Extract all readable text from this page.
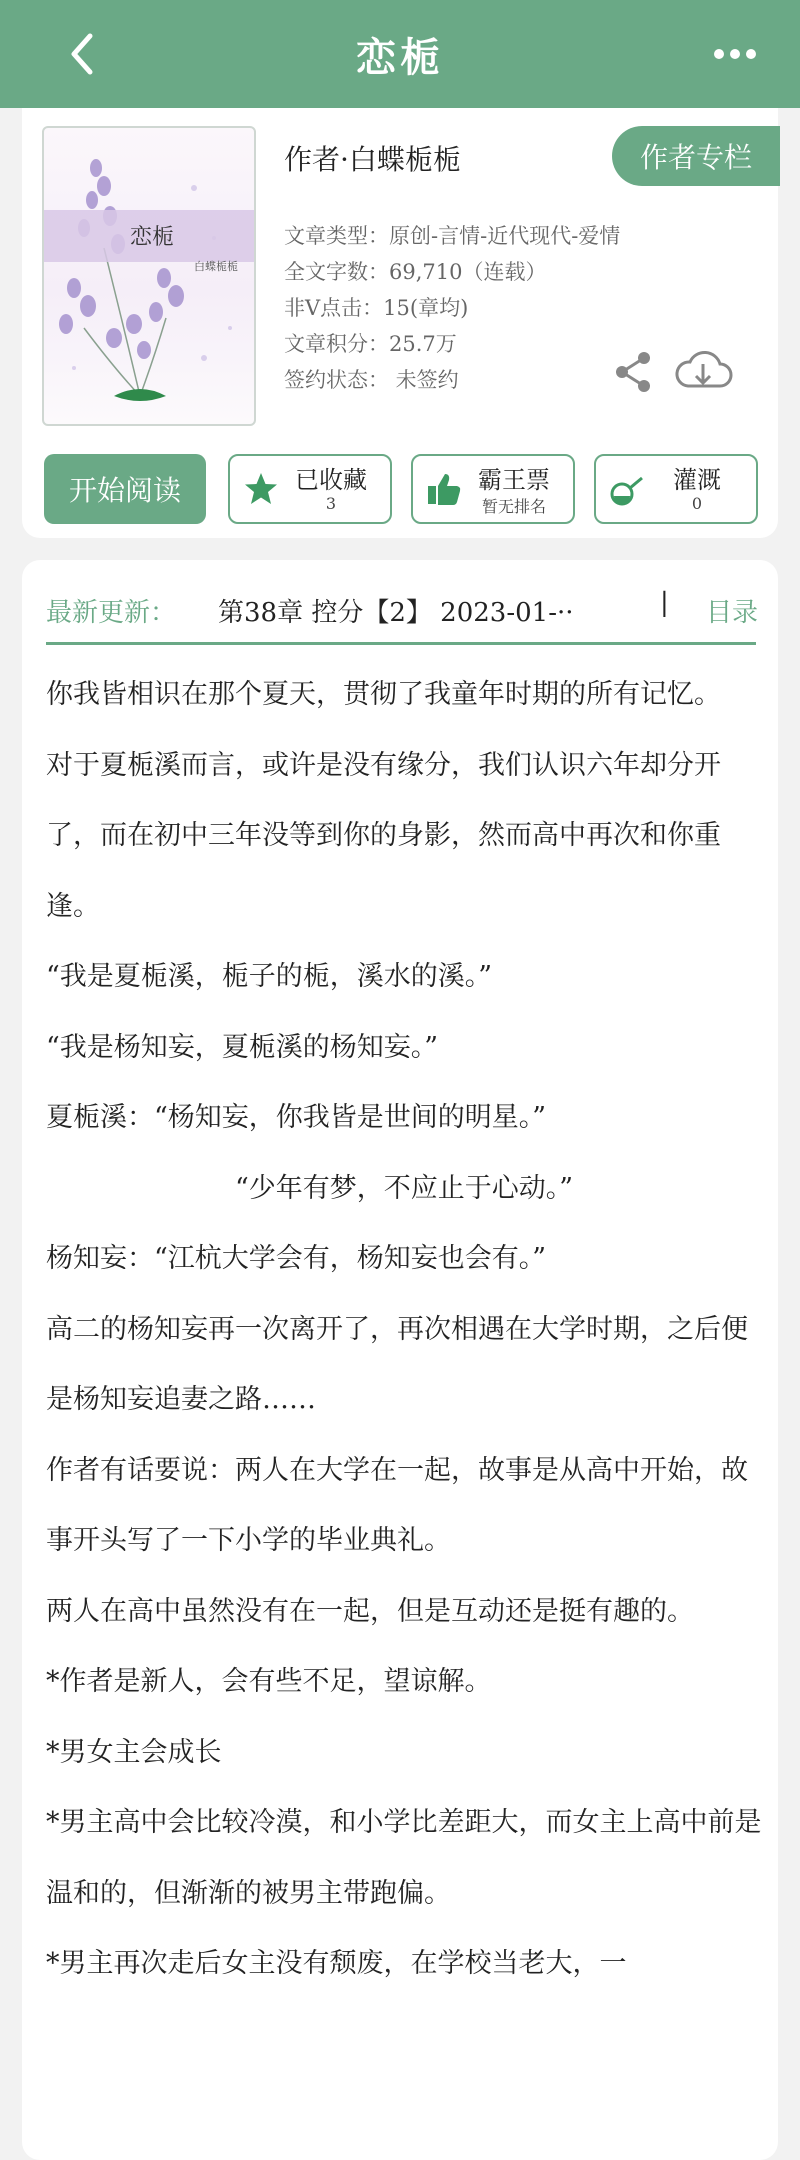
恋栀
恋栀
白蝶栀栀
作者·白蝶栀栀	作者专栏
文章类型：原创-言情-近代现代-爱情
全文字数：69,710（连载）
非V点击：15(章均)
文章积分：25.7万
签约状态： 未签约
开始阅读	已收藏
3
霸王票
暂无排名
灌溉
0
最新更新： 第38章 控分【2】 2023-01-··	| 目录

你我皆相识在那个夏天，贯彻了我童年时期的所有记忆。

对于夏栀溪而言，或许是没有缘分，我们认识六年却分开了，而在初中三年没等到你的身影，然而高中再次和你重逢。

“我是夏栀溪，栀子的栀，溪水的溪。”

“我是杨知妄，夏栀溪的杨知妄。”

夏栀溪：“杨知妄，你我皆是世间的明星。”

“少年有梦，不应止于心动。”

杨知妄：“江杭大学会有，杨知妄也会有。”

高二的杨知妄再一次离开了，再次相遇在大学时期，之后便是杨知妄追妻之路……

作者有话要说：两人在大学在一起，故事是从高中开始，故事开头写了一下小学的毕业典礼。

两人在高中虽然没有在一起，但是互动还是挺有趣的。

*作者是新人，会有些不足，望谅解。

*男女主会成长

*男主高中会比较冷漠，和小学比差距大，而女主上高中前是温和的，但渐渐的被男主带跑偏。

*男主再次走后女主没有颓废，在学校当老大，一
